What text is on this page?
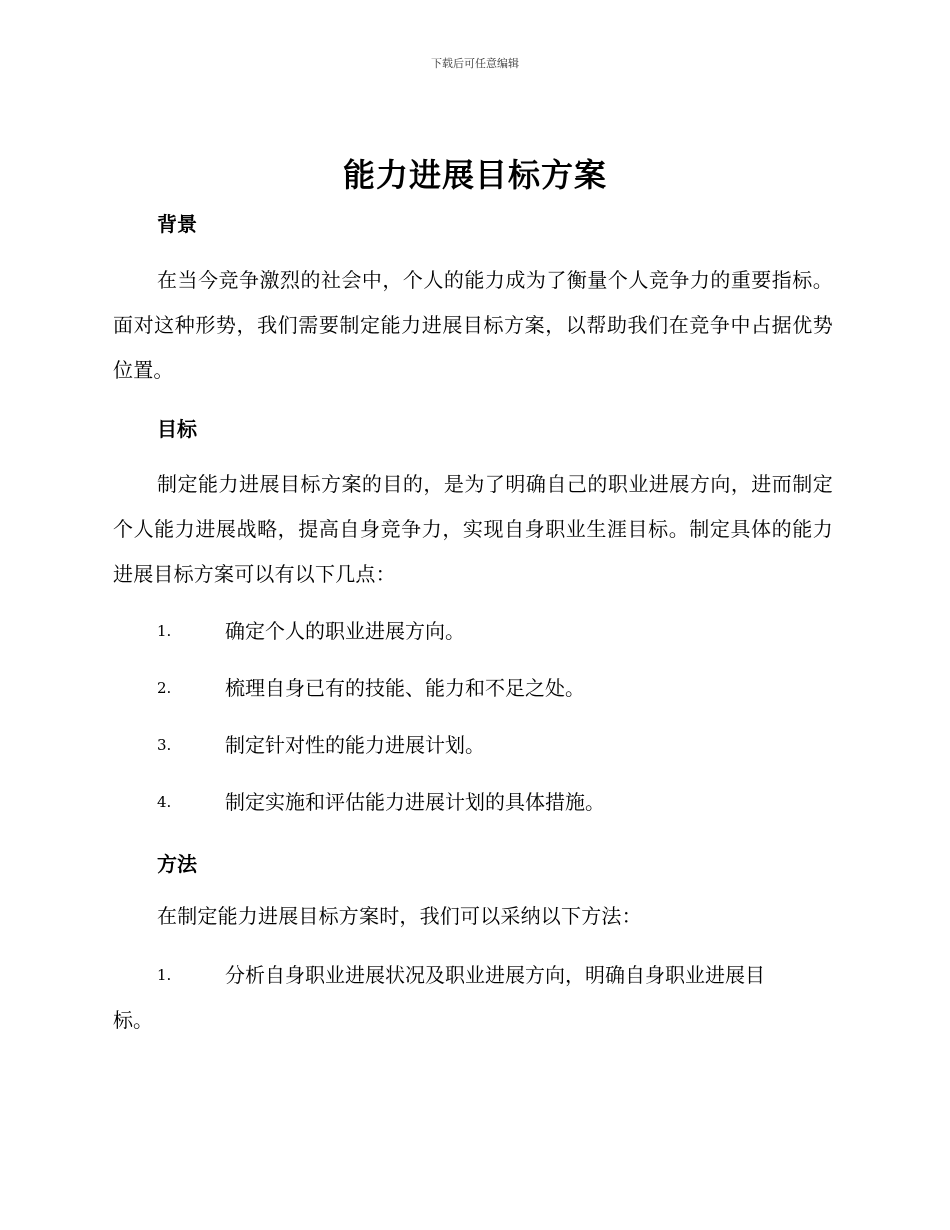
下载后可任意编辑
能力进展目标方案
背景
在当今竞争激烈的社会中，个人的能力成为了衡量个人竞争力的重要指标。面对这种形势，我们需要制定能力进展目标方案，以帮助我们在竞争中占据优势位置。
目标
制定能力进展目标方案的目的，是为了明确自己的职业进展方向，进而制定个人能力进展战略，提高自身竞争力，实现自身职业生涯目标。制定具体的能力进展目标方案可以有以下几点：
1.	确定个人的职业进展方向。
2.	梳理自身已有的技能、能力和不足之处。
3.	制定针对性的能力进展计划。
4.	制定实施和评估能力进展计划的具体措施。
方法
在制定能力进展目标方案时，我们可以采纳以下方法：
1.	分析自身职业进展状况及职业进展方向，明确自身职业进展目
标。
